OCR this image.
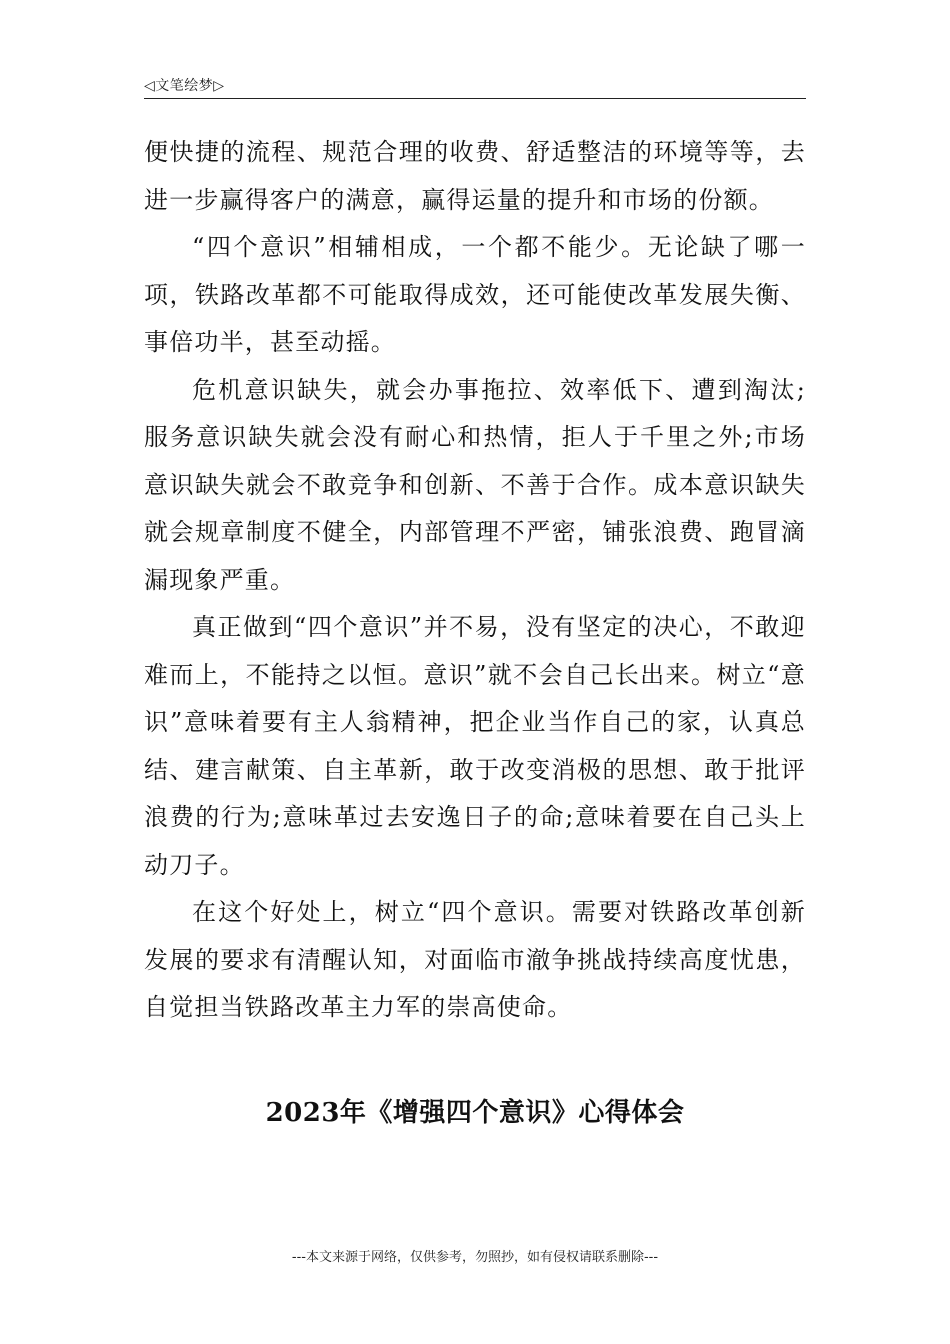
◁文笔绘梦▷

便快捷的流程、规范合理的收费、舒适整洁的环境等等，去进一步赢得客户的满意，赢得运量的提升和市场的份额。

“四个意识”相辅相成，一个都不能少。无论缺了哪一项，铁路改革都不可能取得成效，还可能使改革发展失衡、事倍功半，甚至动摇。

危机意识缺失，就会办事拖拉、效率低下、遭到淘汰;服务意识缺失就会没有耐心和热情，拒人于千里之外;市场意识缺失就会不敢竞争和创新、不善于合作。成本意识缺失就会规章制度不健全，内部管理不严密，铺张浪费、跑冒滴漏现象严重。

真正做到“四个意识”并不易，没有坚定的决心，不敢迎难而上，不能持之以恒。意识”就不会自己长出来。树立“意识”意味着要有主人翁精神，把企业当作自己的家，认真总结、建言献策、自主革新，敢于改变消极的思想、敢于批评浪费的行为;意味革过去安逸日子的命;意味着要在自己头上动刀子。

在这个好处上，树立“四个意识。需要对铁路改革创新发展的要求有清醒认知，对面临市澈争挑战持续高度忧患，自觉担当铁路改革主力军的崇高使命。

2023年《增强四个意识》心得体会
---本文来源于网络，仅供参考，勿照抄，如有侵权请联系删除---
